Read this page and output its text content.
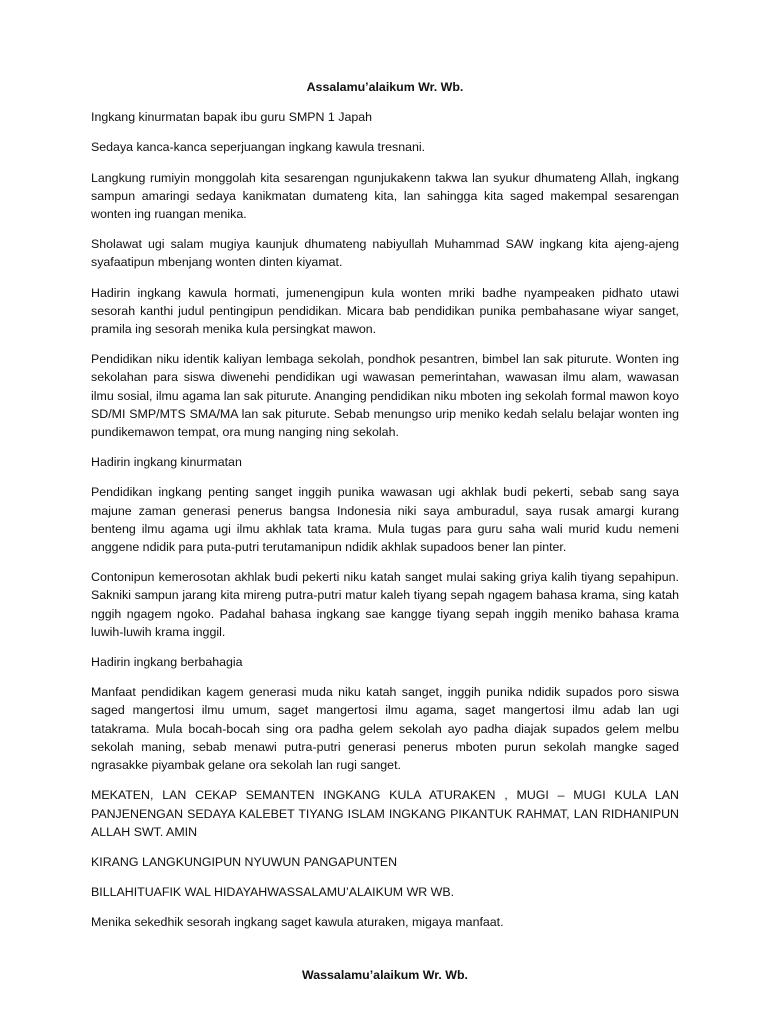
Assalamu’alaikum Wr. Wb.
Ingkang kinurmatan bapak ibu guru SMPN 1 Japah
Sedaya kanca-kanca seperjuangan ingkang kawula tresnani.
Langkung rumiyin monggolah kita sesarengan ngunjukakenn takwa lan syukur dhumateng Allah, ingkang sampun amaringi sedaya kanikmatan dumateng kita, lan sahingga kita saged makempal sesarengan wonten ing ruangan menika.
Sholawat ugi salam mugiya kaunjuk dhumateng nabiyullah Muhammad SAW ingkang kita ajeng-ajeng syafaatipun mbenjang wonten dinten kiyamat.
Hadirin ingkang kawula hormati, jumenengipun kula wonten mriki badhe nyampeaken pidhato utawi sesorah kanthi judul pentingipun pendidikan. Micara bab pendidikan punika pembahasane wiyar sanget, pramila ing sesorah menika kula persingkat mawon.
Pendidikan niku identik kaliyan lembaga sekolah, pondhok pesantren, bimbel lan sak piturute. Wonten ing sekolahan para siswa diwenehi pendidikan ugi wawasan pemerintahan, wawasan ilmu alam, wawasan ilmu sosial, ilmu agama lan sak piturute. Ananging pendidikan niku mboten ing sekolah formal mawon koyo SD/MI SMP/MTS SMA/MA lan sak piturute. Sebab menungso urip meniko kedah selalu belajar wonten ing pundikemawon tempat, ora mung nanging ning sekolah.
Hadirin ingkang kinurmatan
Pendidikan ingkang penting sanget inggih punika wawasan ugi akhlak budi pekerti, sebab sang saya majune zaman generasi penerus bangsa Indonesia niki saya amburadul, saya rusak amargi kurang benteng ilmu agama ugi ilmu akhlak tata krama. Mula tugas para guru saha wali murid kudu nemeni anggene ndidik para puta-putri terutamanipun ndidik akhlak supadoos bener lan pinter.
Contonipun kemerosotan akhlak budi pekerti niku katah sanget mulai saking griya kalih tiyang sepahipun. Sakniki sampun jarang kita mireng putra-putri matur kaleh tiyang sepah ngagem bahasa krama, sing katah nggih ngagem ngoko. Padahal bahasa ingkang sae kangge tiyang sepah inggih meniko bahasa krama luwih-luwih krama inggil.
Hadirin ingkang berbahagia
Manfaat pendidikan kagem generasi muda niku katah sanget, inggih punika ndidik supados poro siswa saged mangertosi ilmu umum, saget mangertosi ilmu agama, saget mangertosi ilmu adab lan ugi tatakrama. Mula bocah-bocah sing ora padha gelem sekolah ayo padha diajak supados gelem melbu sekolah maning, sebab menawi putra-putri generasi penerus mboten purun sekolah mangke saged ngrasakke piyambak gelane ora sekolah lan rugi sanget.
MEKATEN, LAN CEKAP SEMANTEN INGKANG KULA ATURAKEN , MUGI – MUGI KULA LAN PANJENENGAN SEDAYA KALEBET TIYANG ISLAM INGKANG PIKANTUK RAHMAT, LAN RIDHANIPUN ALLAH SWT. AMIN
KIRANG LANGKUNGIPUN NYUWUN PANGAPUNTEN
BILLAHITUAFIK WAL HIDAYAHWASSALAMU’ALAIKUM WR WB.
Menika sekedhik sesorah ingkang saget kawula aturaken, migaya manfaat.
Wassalamu’alaikum Wr. Wb.
